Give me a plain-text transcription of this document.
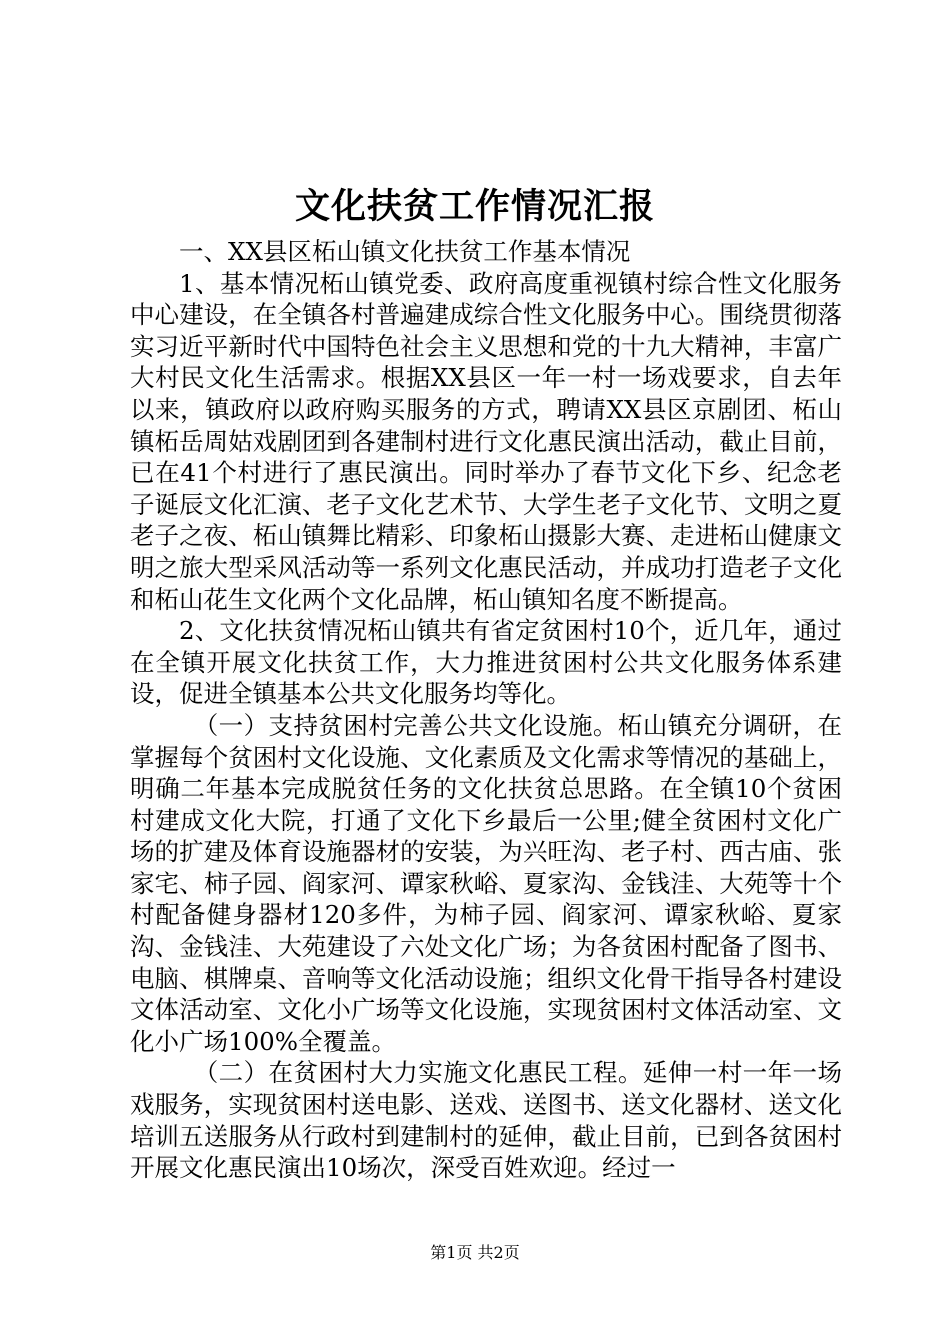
文化扶贫工作情况汇报

一、XX县区柘山镇文化扶贫工作基本情况

1、基本情况柘山镇党委、政府高度重视镇村综合性文化服务中心建设，在全镇各村普遍建成综合性文化服务中心。围绕贯彻落实习近平新时代中国特色社会主义思想和党的十九大精神，丰富广大村民文化生活需求。根据XX县区一年一村一场戏要求，自去年以来，镇政府以政府购买服务的方式，聘请XX县区京剧团、柘山镇柘岳周姑戏剧团到各建制村进行文化惠民演出活动，截止目前，已在41个村进行了惠民演出。同时举办了春节文化下乡、纪念老子诞辰文化汇演、老子文化艺术节、大学生老子文化节、文明之夏老子之夜、柘山镇舞比精彩、印象柘山摄影大赛、走进柘山健康文明之旅大型采风活动等一系列文化惠民活动，并成功打造老子文化和柘山花生文化两个文化品牌，柘山镇知名度不断提高。

2、文化扶贫情况柘山镇共有省定贫困村10个，近几年，通过在全镇开展文化扶贫工作，大力推进贫困村公共文化服务体系建设，促进全镇基本公共文化服务均等化。

（一）支持贫困村完善公共文化设施。柘山镇充分调研，在掌握每个贫困村文化设施、文化素质及文化需求等情况的基础上，明确二年基本完成脱贫任务的文化扶贫总思路。在全镇10个贫困村建成文化大院，打通了文化下乡最后一公里;健全贫困村文化广场的扩建及体育设施器材的安装，为兴旺沟、老子村、西古庙、张家宅、柿子园、阎家河、谭家秋峪、夏家沟、金钱洼、大苑等十个村配备健身器材120多件，为柿子园、阎家河、谭家秋峪、夏家沟、金钱洼、大苑建设了六处文化广场；为各贫困村配备了图书、电脑、棋牌桌、音响等文化活动设施；组织文化骨干指导各村建设文体活动室、文化小广场等文化设施，实现贫困村文体活动室、文化小广场100%全覆盖。

（二）在贫困村大力实施文化惠民工程。延伸一村一年一场戏服务，实现贫困村送电影、送戏、送图书、送文化器材、送文化培训五送服务从行政村到建制村的延伸，截止目前，已到各贫困村开展文化惠民演出10场次，深受百姓欢迎。经过一

第1页 共2页
